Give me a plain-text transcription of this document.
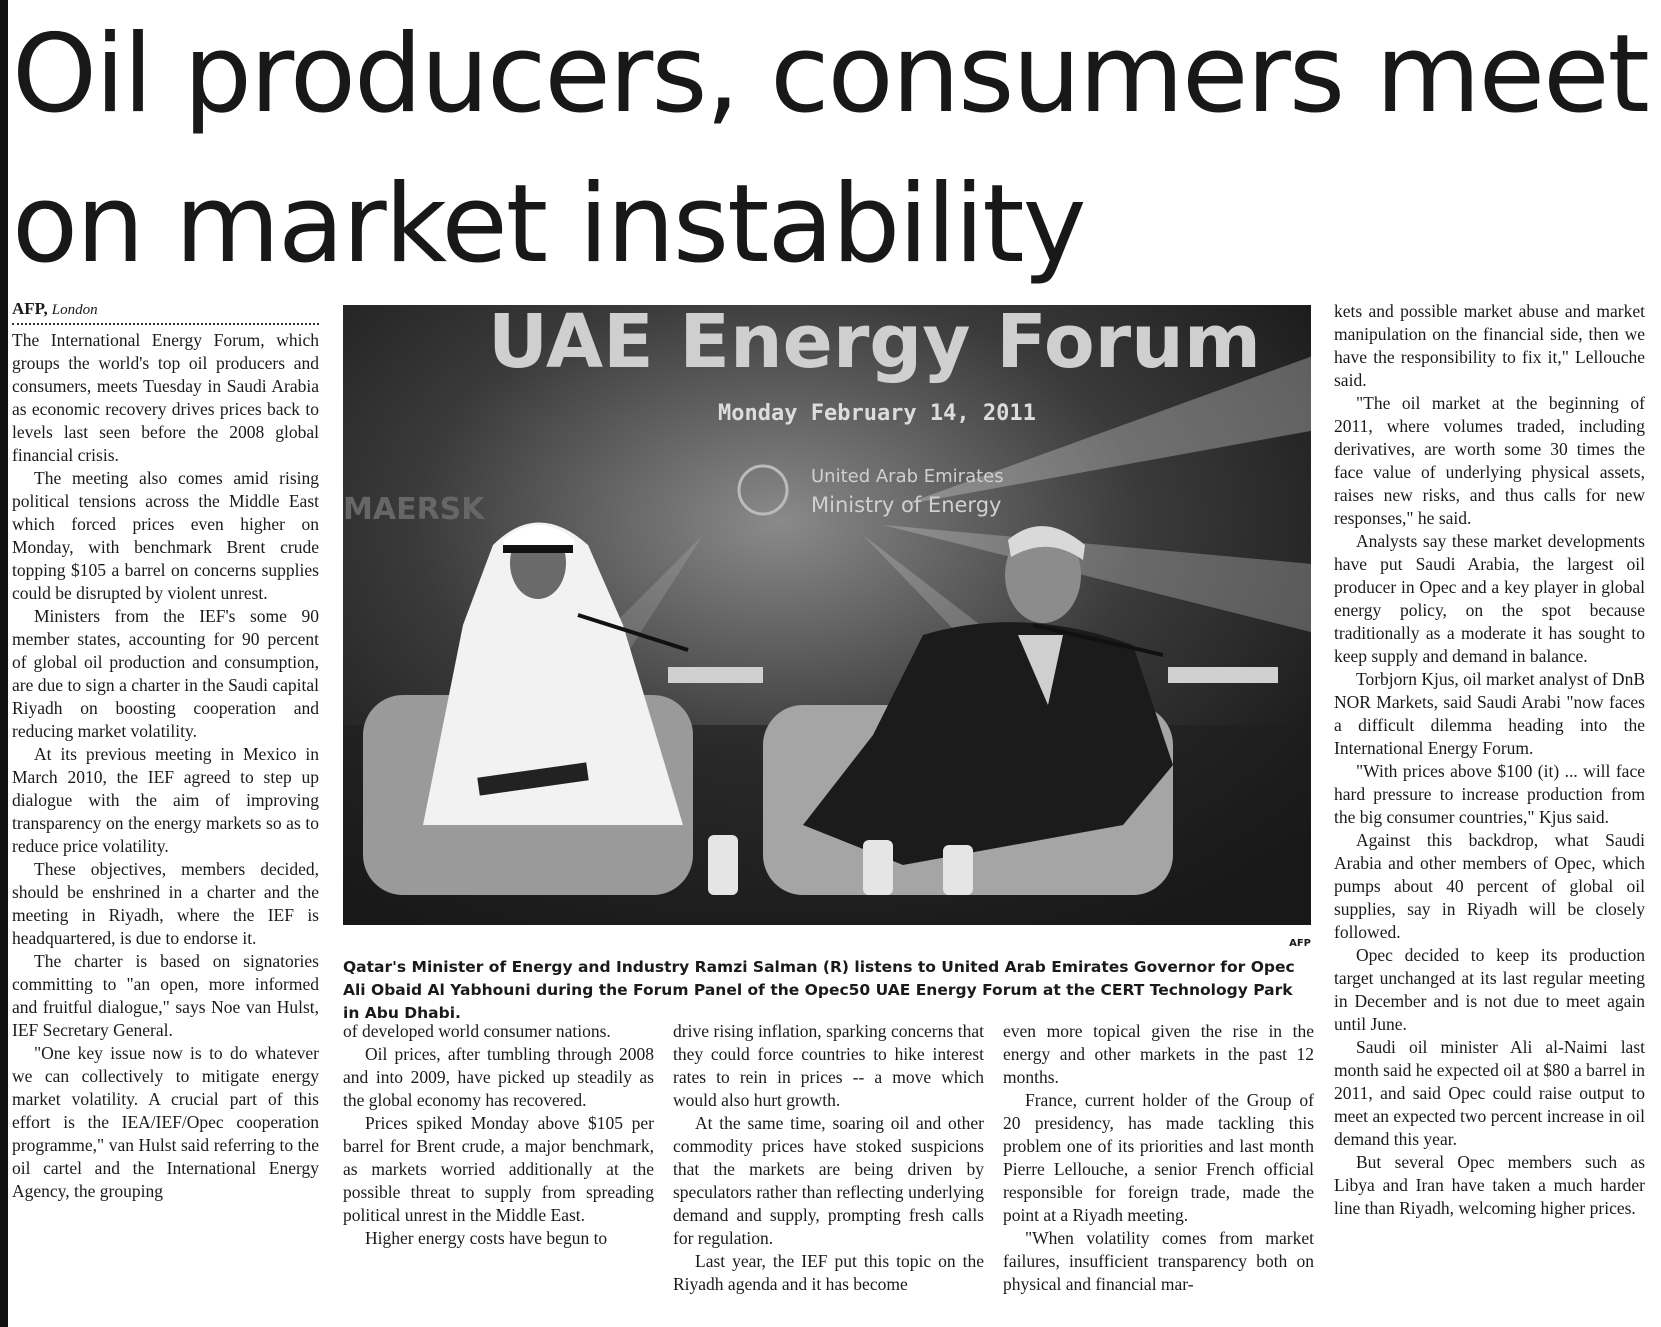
Oil producers, consumers meet on market instability
AFP, London

The International Energy Forum, which groups the world's top oil producers and consumers, meets Tuesday in Saudi Arabia as economic recovery drives prices back to levels last seen before the 2008 global financial crisis.

The meeting also comes amid rising political tensions across the Middle East which forced prices even higher on Monday, with benchmark Brent crude topping $105 a barrel on concerns supplies could be disrupted by violent unrest.

Ministers from the IEF's some 90 member states, accounting for 90 percent of global oil production and consumption, are due to sign a charter in the Saudi capital Riyadh on boosting cooperation and reducing market volatility.

At its previous meeting in Mexico in March 2010, the IEF agreed to step up dialogue with the aim of improving transparency on the energy markets so as to reduce price volatility.

These objectives, members decided, should be enshrined in a charter and the meeting in Riyadh, where the IEF is headquartered, is due to endorse it.

The charter is based on signatories committing to "an open, more informed and fruitful dialogue," says Noe van Hulst, IEF Secretary General.

"One key issue now is to do whatever we can collectively to mitigate energy market volatility. A crucial part of this effort is the IEA/IEF/Opec cooperation programme," van Hulst said referring to the oil cartel and the International Energy Agency, the grouping

UAE Energy Forum
Monday February 14, 2011
United Arab Emirates
Ministry of Energy
MAERSK
AFP

Qatar's Minister of Energy and Industry Ramzi Salman (R) listens to United Arab Emirates Governor for Opec Ali Obaid Al Yabhouni during the Forum Panel of the Opec50 UAE Energy Forum at the CERT Technology Park in Abu Dhabi.

of developed world consumer nations.

Oil prices, after tumbling through 2008 and into 2009, have picked up steadily as the global economy has recovered.

Prices spiked Monday above $105 per barrel for Brent crude, a major benchmark, as markets worried additionally at the possible threat to supply from spreading political unrest in the Middle East.

Higher energy costs have begun to

drive rising inflation, sparking concerns that they could force countries to hike interest rates to rein in prices -- a move which would also hurt growth.

At the same time, soaring oil and other commodity prices have stoked suspicions that the markets are being driven by speculators rather than reflecting underlying demand and supply, prompting fresh calls for regulation.

Last year, the IEF put this topic on the Riyadh agenda and it has become

even more topical given the rise in the energy and other markets in the past 12 months.

France, current holder of the Group of 20 presidency, has made tackling this problem one of its priorities and last month Pierre Lellouche, a senior French official responsible for foreign trade, made the point at a Riyadh meeting.

"When volatility comes from market failures, insufficient transparency both on physical and financial mar-

kets and possible market abuse and market manipulation on the financial side, then we have the responsibility to fix it," Lellouche said.

"The oil market at the beginning of 2011, where volumes traded, including derivatives, are worth some 30 times the face value of underlying physical assets, raises new risks, and thus calls for new responses," he said.

Analysts say these market developments have put Saudi Arabia, the largest oil producer in Opec and a key player in global energy policy, on the spot because traditionally as a moderate it has sought to keep supply and demand in balance.

Torbjorn Kjus, oil market analyst of DnB NOR Markets, said Saudi Arabi "now faces a difficult dilemma heading into the International Energy Forum.

"With prices above $100 (it) ... will face hard pressure to increase production from the big consumer countries," Kjus said.

Against this backdrop, what Saudi Arabia and other members of Opec, which pumps about 40 percent of global oil supplies, say in Riyadh will be closely followed.

Opec decided to keep its production target unchanged at its last regular meeting in December and is not due to meet again until June.

Saudi oil minister Ali al-Naimi last month said he expected oil at $80 a barrel in 2011, and said Opec could raise output to meet an expected two percent increase in oil demand this year.

But several Opec members such as Libya and Iran have taken a much harder line than Riyadh, welcoming higher prices.
